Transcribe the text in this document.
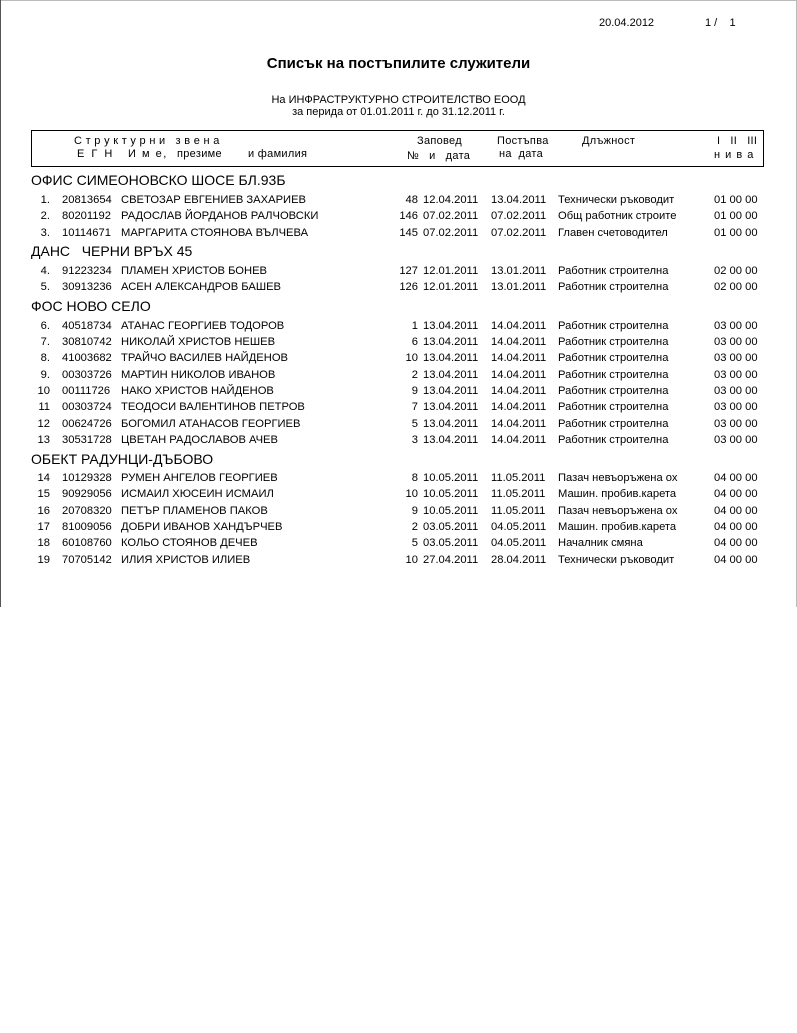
20.04.2012	1 /    1
Списък на постъпилите служители
На ИНФРАСТРУКТУРНО СТРОИТЕЛСТВО ЕООД
за перида от 01.01.2011 г. до 31.12.2011 г.
С т р у к т у р н и   з в е н а
Е Г Н И м е, презиме и фамилия
Заповед
№   и   дата
Постъпва
на  дата
Длъжност	I   II   III
н и в а
ОФИС СИМЕОНОВСКО ШОСЕ БЛ.93Б
1. 20813654 СВЕТОЗАР ЕВГЕНИЕВ ЗАХАРИЕВ	48 12.04.2011 13.04.2011 Технически ръководит	01 00 00
2. 80201192 РАДОСЛАВ ЙОРДАНОВ РАЛЧОВСКИ	146 07.02.2011 07.02.2011 Общ работник строите	01 00 00
3. 10114671 МАРГАРИТА СТОЯНОВА ВЪЛЧЕВА	145 07.02.2011 07.02.2011 Главен счетоводител	01 00 00
ДАНС   ЧЕРНИ ВРЪХ 45
4. 91223234 ПЛАМЕН ХРИСТОВ БОНЕВ	127 12.01.2011 13.01.2011 Работник строителна	02 00 00
5. 30913236 АСЕН АЛЕКСАНДРОВ БАШЕВ	126 12.01.2011 13.01.2011 Работник строителна	02 00 00
ФОС НОВО СЕЛО
6. 40518734 АТАНАС ГЕОРГИЕВ ТОДОРОВ	1 13.04.2011 14.04.2011 Работник строителна	03 00 00
7. 30810742 НИКОЛАЙ ХРИСТОВ НЕШЕВ	6 13.04.2011 14.04.2011 Работник строителна	03 00 00
8. 41003682 ТРАЙЧО ВАСИЛЕВ НАЙДЕНОВ	10 13.04.2011 14.04.2011 Работник строителна	03 00 00
9. 00303726 МАРТИН НИКОЛОВ ИВАНОВ	2 13.04.2011 14.04.2011 Работник строителна	03 00 00
10 00111726 НАКО ХРИСТОВ НАЙДЕНОВ	9 13.04.2011 14.04.2011 Работник строителна	03 00 00
11 00303724 ТЕОДОСИ ВАЛЕНТИНОВ ПЕТРОВ	7 13.04.2011 14.04.2011 Работник строителна	03 00 00
12 00624726 БОГОМИЛ АТАНАСОВ ГЕОРГИЕВ	5 13.04.2011 14.04.2011 Работник строителна	03 00 00
13 30531728 ЦВЕТАН РАДОСЛАВОВ АЧЕВ	3 13.04.2011 14.04.2011 Работник строителна	03 00 00
ОБЕКТ РАДУНЦИ-ДЪБОВО
14 10129328 РУМЕН АНГЕЛОВ ГЕОРГИЕВ	8 10.05.2011 11.05.2011 Пазач невъоръжена ох	04 00 00
15 90929056 ИСМАИЛ ХЮСЕИН ИСМАИЛ	10 10.05.2011 11.05.2011 Машин. пробив.карета	04 00 00
16 20708320 ПЕТЪР ПЛАМЕНОВ ПАКОВ	9 10.05.2011 11.05.2011 Пазач невъоръжена ох	04 00 00
17 81009056 ДОБРИ ИВАНОВ ХАНДЪРЧЕВ	2 03.05.2011 04.05.2011 Машин. пробив.карета	04 00 00
18 60108760 КОЛЬО СТОЯНОВ ДЕЧЕВ	5 03.05.2011 04.05.2011 Началник смяна	04 00 00
19 70705142 ИЛИЯ ХРИСТОВ ИЛИЕВ	10 27.04.2011 28.04.2011 Технически ръководит	04 00 00
